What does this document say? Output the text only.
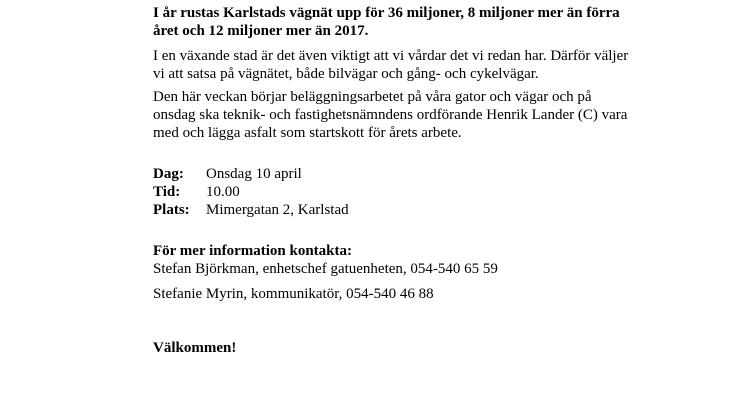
I år rustas Karlstads vägnät upp för 36 miljoner, 8 miljoner mer än förra året och 12 miljoner mer än 2017.

I en växande stad är det även viktigt att vi vårdar det vi redan har. Därför väljer vi att satsa på vägnätet, både bilvägar och gång- och cykelvägar.

Den här veckan börjar beläggningsarbetet på våra gator och vägar och på onsdag ska teknik- och fastighetsnämndens ordförande Henrik Lander (C) vara med och lägga asfalt som startskott för årets arbete.

Dag:	Onsdag 10 april
Tid:	10.00
Plats:	Mimergatan 2, Karlstad
För mer information kontakta:
Stefan Björkman, enhetschef gatuenheten, 054-540 65 59
Stefanie Myrin, kommunikatör, 054-540 46 88
Välkommen!
